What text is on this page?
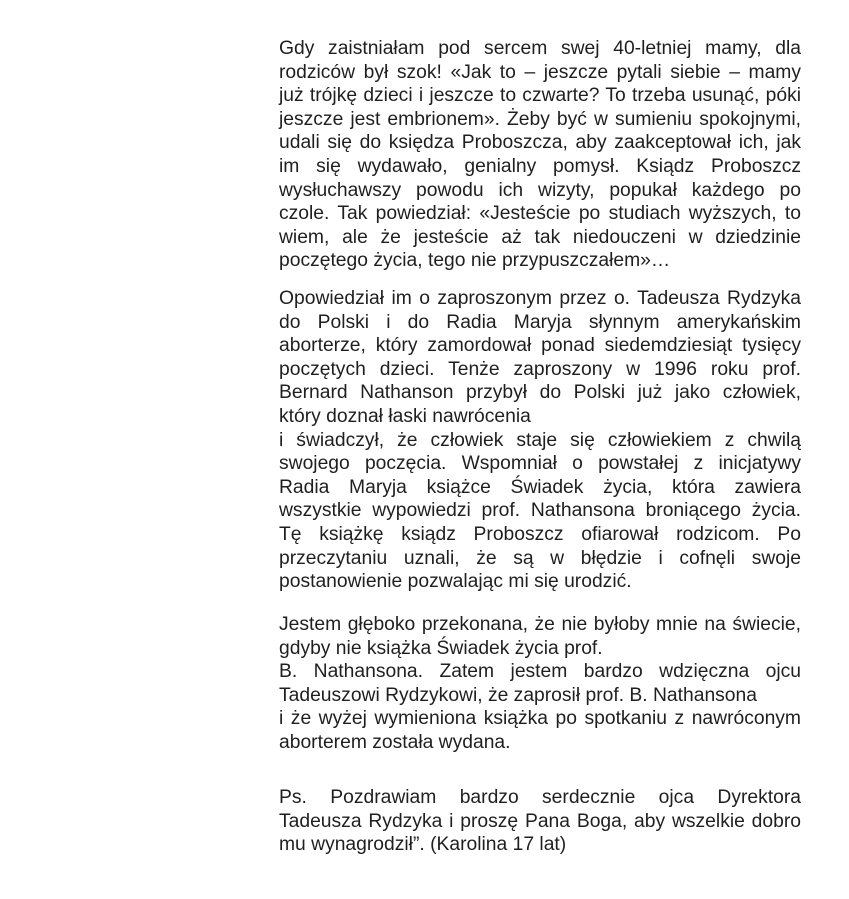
Gdy zaistniałam pod sercem swej 40-letniej mamy, dla
rodziców był szok! «Jak to – jeszcze pytali siebie – mamy
już trójkę dzieci i jeszcze to czwarte? To trzeba usunąć, póki
jeszcze jest embrionem». Żeby być w sumieniu spokojnymi,
udali się do księdza Proboszcza, aby zaakceptował ich, jak
im się wydawało, genialny pomysł. Ksiądz Proboszcz
wysłuchawszy powodu ich wizyty, popukał każdego po
czole. Tak powiedział: «Jesteście po studiach wyższych, to
wiem, ale że jesteście aż tak niedouczeni w dziedzinie
poczętego życia, tego nie przypuszczałem»…
Opowiedział im o zaproszonym przez o. Tadeusza Rydzyka
do Polski i do Radia Maryja słynnym amerykańskim
aborterze, który zamordował ponad siedemdziesiąt tysięcy
poczętych dzieci. Tenże zaproszony w 1996 roku prof.
Bernard Nathanson przybył do Polski już jako człowiek,
który doznał łaski nawrócenia
i świadczył, że człowiek staje się człowiekiem z chwilą
swojego poczęcia. Wspomniał o powstałej z inicjatywy
Radia Maryja książce Świadek życia, która zawiera
wszystkie wypowiedzi prof. Nathansona broniącego życia.
Tę książkę ksiądz Proboszcz ofiarował rodzicom. Po
przeczytaniu uznali, że są w błędzie i cofnęli swoje
postanowienie pozwalając mi się urodzić.
Jestem głęboko przekonana, że nie byłoby mnie na świecie,
gdyby nie książka Świadek życia prof.
B. Nathansona. Zatem jestem bardzo wdzięczna ojcu
Tadeuszowi Rydzykowi, że zaprosił prof. B. Nathansona
i że wyżej wymieniona książka po spotkaniu z nawróconym
aborterem została wydana.
Ps. Pozdrawiam bardzo serdecznie ojca Dyrektora
Tadeusza Rydzyka i proszę Pana Boga, aby wszelkie dobro
mu wynagrodził”. (Karolina 17 lat)
